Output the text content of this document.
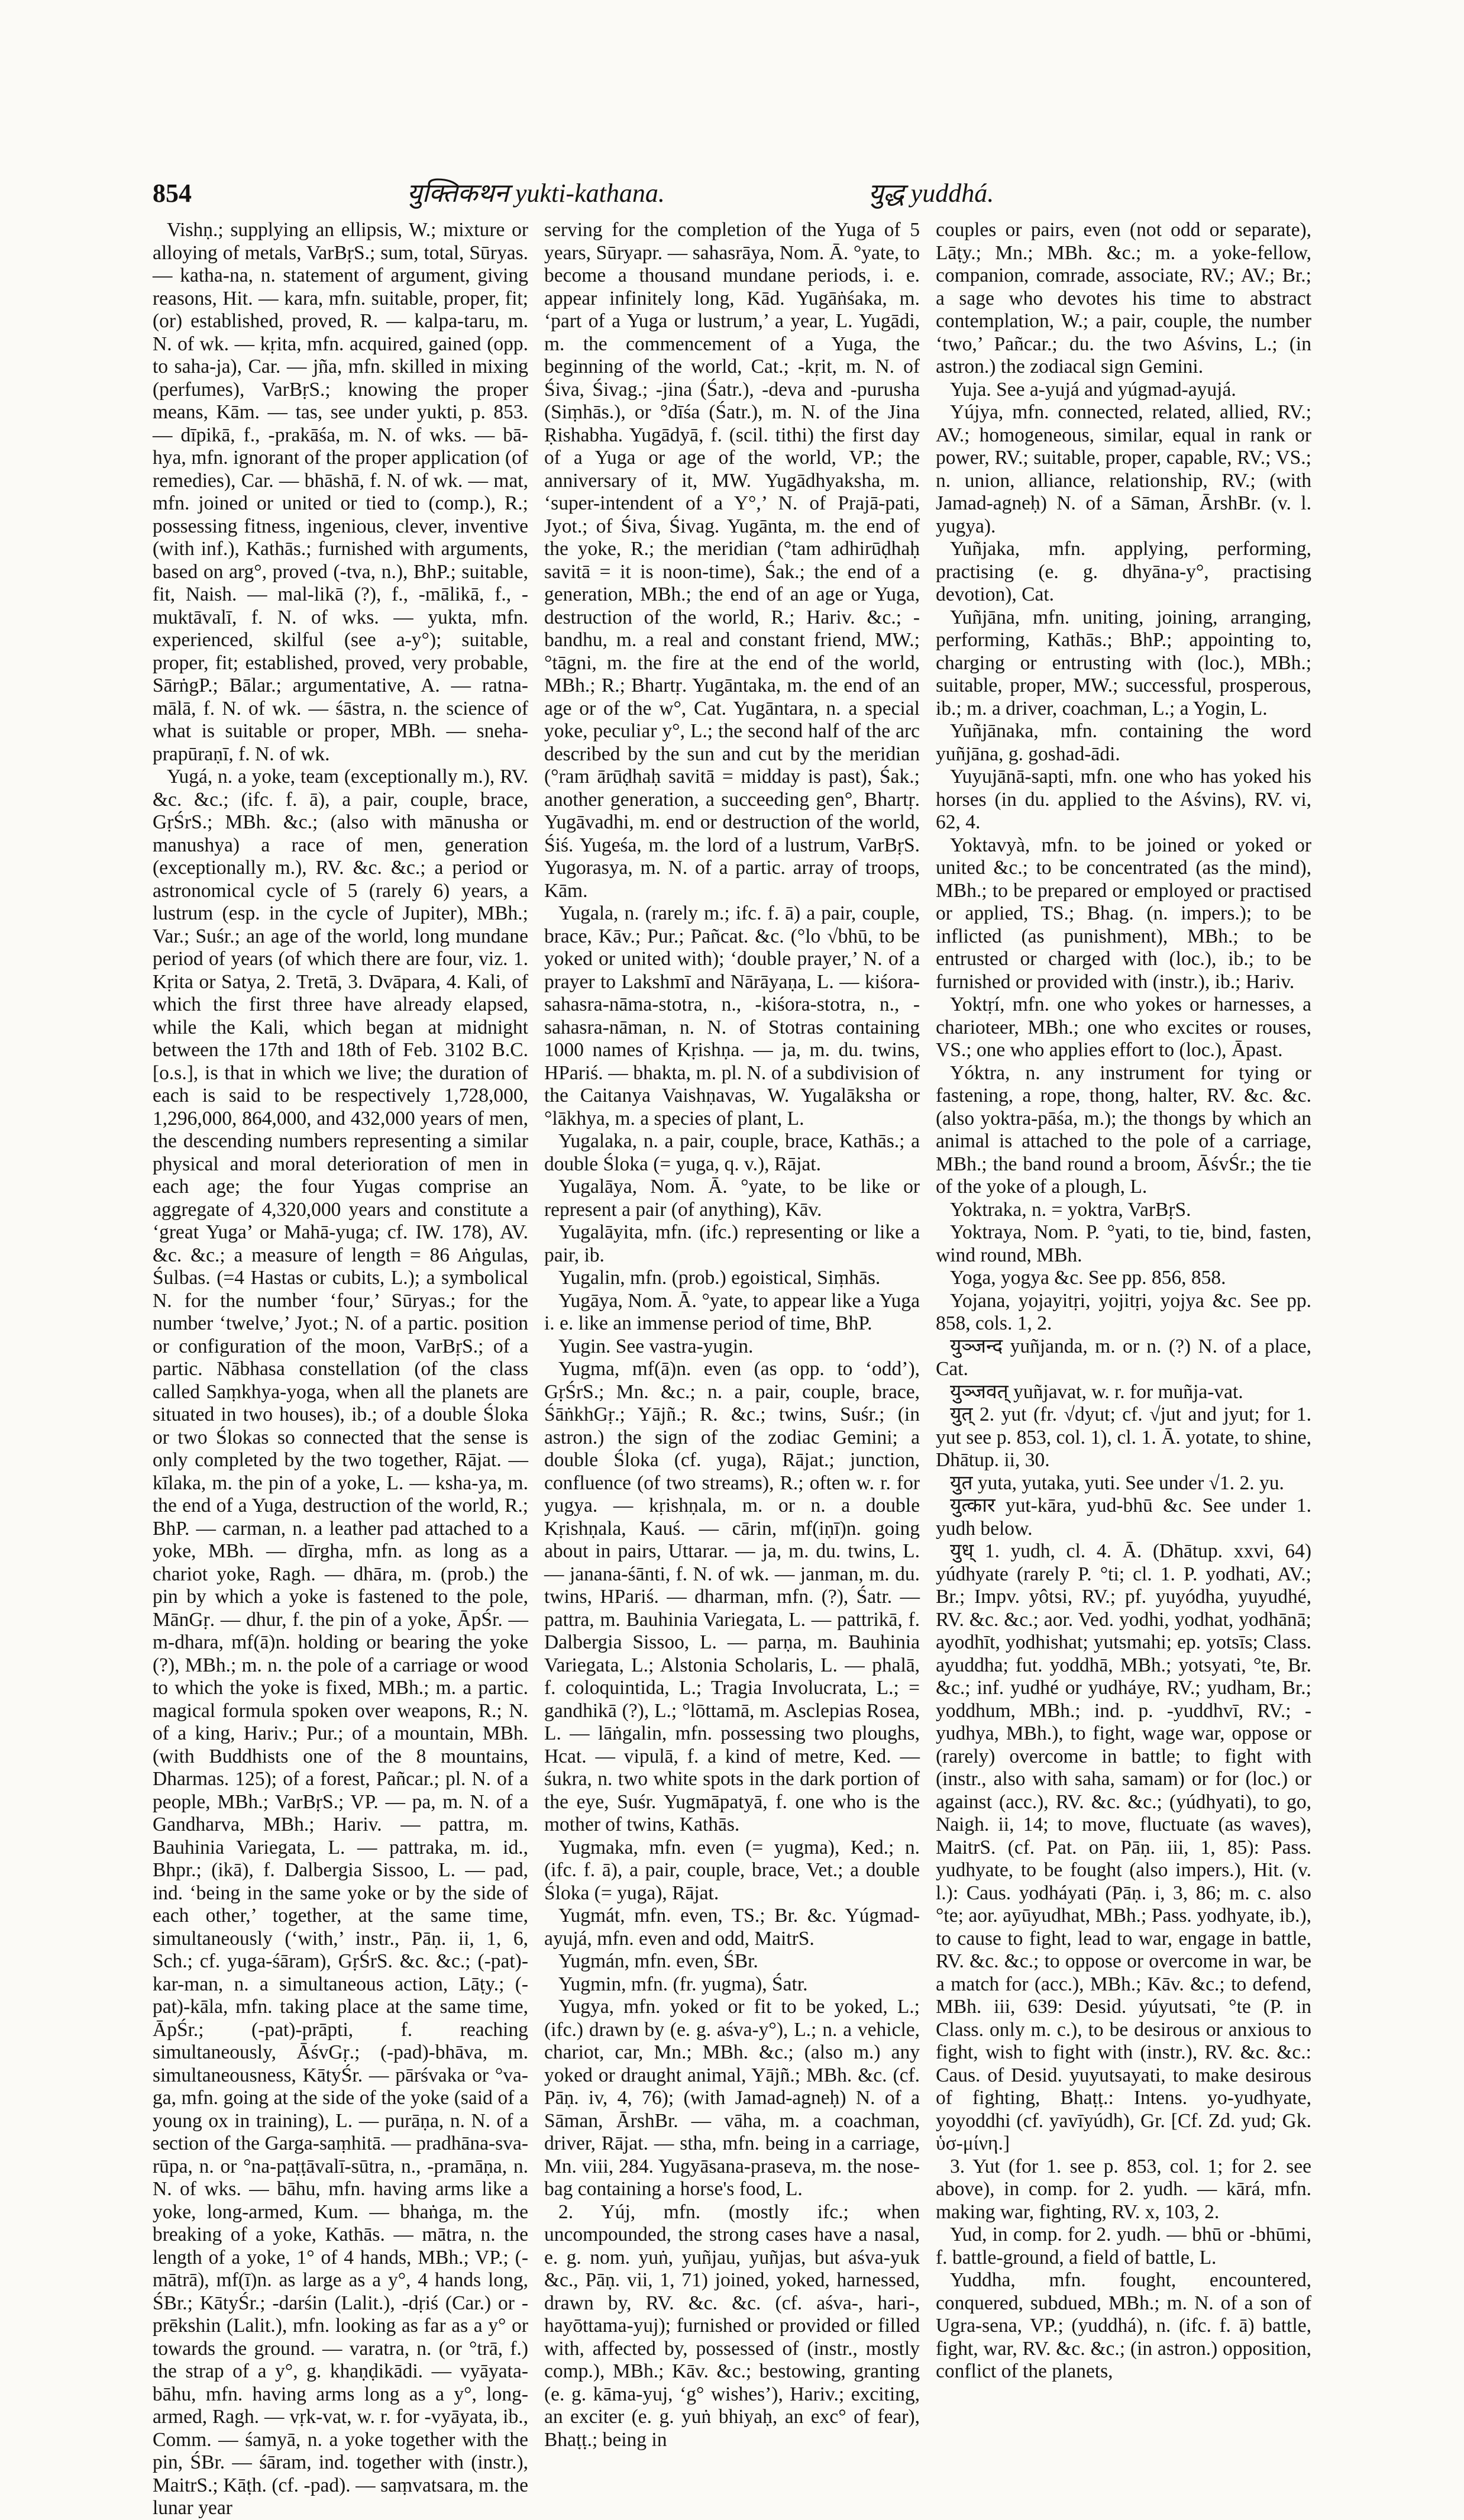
854	युक्तिकथन yukti-kathana.	युद्ध yuddhá.

Vishṇ.; supplying an ellipsis, W.; mixture or alloying of metals, VarBṛS.; sum, total, Sūryas. — katha-na, n. statement of argument, giving reasons, Hit. — kara, mfn. suitable, proper, fit; (or) established, proved, R. — kalpa-taru, m. N. of wk. — kṛita, mfn. acquired, gained (opp. to saha-ja), Car. — jña, mfn. skilled in mixing (perfumes), VarBṛS.; knowing the proper means, Kām. — tas, see under yukti, p. 853. — dīpikā, f., -prakāśa, m. N. of wks. — bā-hya, mfn. ignorant of the proper application (of remedies), Car. — bhāshā, f. N. of wk. — mat, mfn. joined or united or tied to (comp.), R.; possessing fitness, ingenious, clever, inventive (with inf.), Kathās.; furnished with arguments, based on arg°, proved (-tva, n.), BhP.; suitable, fit, Naish. — mal-likā (?), f., -mālikā, f., -muktāvalī, f. N. of wks. — yukta, mfn. experienced, skilful (see a-y°); suitable, proper, fit; established, proved, very probable, SārṅgP.; Bālar.; argumentative, A. — ratna-mālā, f. N. of wk. — śāstra, n. the science of what is suitable or proper, MBh. — sneha-prapūraṇī, f. N. of wk.

Yugá, n. a yoke, team (exceptionally m.), RV. &c. &c.; (ifc. f. ā), a pair, couple, brace, GṛŚrS.; MBh. &c.; (also with mānusha or manushya) a race of men, generation (exceptionally m.), RV. &c. &c.; a period or astronomical cycle of 5 (rarely 6) years, a lustrum (esp. in the cycle of Jupiter), MBh.; Var.; Suśr.; an age of the world, long mundane period of years (of which there are four, viz. 1. Kṛita or Satya, 2. Tretā, 3. Dvāpara, 4. Kali, of which the first three have already elapsed, while the Kali, which began at midnight between the 17th and 18th of Feb. 3102 B.C. [o.s.], is that in which we live; the duration of each is said to be respectively 1,728,000, 1,296,000, 864,000, and 432,000 years of men, the descending numbers representing a similar physical and moral deterioration of men in each age; the four Yugas comprise an aggregate of 4,320,000 years and constitute a ‘great Yuga’ or Mahā-yuga; cf. IW. 178), AV. &c. &c.; a measure of length = 86 Aṅgulas, Śulbas. (=4 Hastas or cubits, L.); a symbolical N. for the number ‘four,’ Sūryas.; for the number ‘twelve,’ Jyot.; N. of a partic. position or configuration of the moon, VarBṛS.; of a partic. Nābhasa constellation (of the class called Saṃkhya-yoga, when all the planets are situated in two houses), ib.; of a double Śloka or two Ślokas so connected that the sense is only completed by the two together, Rājat. — kīlaka, m. the pin of a yoke, L. — ksha-ya, m. the end of a Yuga, destruction of the world, R.; BhP. — carman, n. a leather pad attached to a yoke, MBh. — dīrgha, mfn. as long as a chariot yoke, Ragh. — dhāra, m. (prob.) the pin by which a yoke is fastened to the pole, MānGṛ. — dhur, f. the pin of a yoke, ĀpŚr. — m-dhara, mf(ā)n. holding or bearing the yoke (?), MBh.; m. n. the pole of a carriage or wood to which the yoke is fixed, MBh.; m. a partic. magical formula spoken over weapons, R.; N. of a king, Hariv.; Pur.; of a mountain, MBh. (with Buddhists one of the 8 mountains, Dharmas. 125); of a forest, Pañcar.; pl. N. of a people, MBh.; VarBṛS.; VP. — pa, m. N. of a Gandharva, MBh.; Hariv. — pattra, m. Bauhinia Variegata, L. — pattraka, m. id., Bhpr.; (ikā), f. Dalbergia Sissoo, L. — pad, ind. ‘being in the same yoke or by the side of each other,’ together, at the same time, simultaneously (‘with,’ instr., Pāṇ. ii, 1, 6, Sch.; cf. yuga-śāram), GṛŚrS. &c. &c.; (-pat)-kar-man, n. a simultaneous action, Lāṭy.; (-pat)-kāla, mfn. taking place at the same time, ĀpŚr.; (-pat)-prāpti, f. reaching simultaneously, ĀśvGṛ.; (-pad)-bhāva, m. simultaneousness, KātyŚr. — pārśvaka or °va-ga, mfn. going at the side of the yoke (said of a young ox in training), L. — purāṇa, n. N. of a section of the Garga-saṃhitā. — pradhāna-sva-rūpa, n. or °na-paṭṭāvalī-sūtra, n., -pramāṇa, n. N. of wks. — bāhu, mfn. having arms like a yoke, long-armed, Kum. — bhaṅga, m. the breaking of a yoke, Kathās. — mātra, n. the length of a yoke, 1° of 4 hands, MBh.; VP.; (-mātrā), mf(ī)n. as large as a y°, 4 hands long, ŚBr.; KātyŚr.; -darśin (Lalit.), -dṛiś (Car.) or -prēkshin (Lalit.), mfn. looking as far as a y° or towards the ground. — varatra, n. (or °trā, f.) the strap of a y°, g. khaṇḍikādi. — vyāyata-bāhu, mfn. having arms long as a y°, long-armed, Ragh. — vṛk-vat, w. r. for -vyāyata, ib., Comm. — śamyā, n. a yoke together with the pin, ŚBr. — śāram, ind. together with (instr.), MaitrS.; Kāṭh. (cf. -pad). — saṃvatsara, m. the lunar year

serving for the completion of the Yuga of 5 years, Sūryapr. — sahasrāya, Nom. Ā. °yate, to become a thousand mundane periods, i. e. appear infinitely long, Kād. Yugāṅśaka, m. ‘part of a Yuga or lustrum,’ a year, L. Yugādi, m. the commencement of a Yuga, the beginning of the world, Cat.; -kṛit, m. N. of Śiva, Śivag.; -jina (Śatr.), -deva and -purusha (Siṃhās.), or °dīśa (Śatr.), m. N. of the Jina Ṛishabha. Yugādyā, f. (scil. tithi) the first day of a Yuga or age of the world, VP.; the anniversary of it, MW. Yugādhyaksha, m. ‘super-intendent of a Y°,’ N. of Prajā-pati, Jyot.; of Śiva, Śivag. Yugānta, m. the end of the yoke, R.; the meridian (°tam adhirūḍhaḥ savitā = it is noon-time), Śak.; the end of a generation, MBh.; the end of an age or Yuga, destruction of the world, R.; Hariv. &c.; -bandhu, m. a real and constant friend, MW.; °tāgni, m. the fire at the end of the world, MBh.; R.; Bhartṛ. Yugāntaka, m. the end of an age or of the w°, Cat. Yugāntara, n. a special yoke, peculiar y°, L.; the second half of the arc described by the sun and cut by the meridian (°ram ārūḍhaḥ savitā = midday is past), Śak.; another generation, a succeeding gen°, Bhartṛ. Yugāvadhi, m. end or destruction of the world, Śiś. Yugeśa, m. the lord of a lustrum, VarBṛS. Yugorasya, m. N. of a partic. array of troops, Kām.

Yugala, n. (rarely m.; ifc. f. ā) a pair, couple, brace, Kāv.; Pur.; Pañcat. &c. (°lo √bhū, to be yoked or united with); ‘double prayer,’ N. of a prayer to Lakshmī and Nārāyaṇa, L. — kiśora-sahasra-nāma-stotra, n., -kiśora-stotra, n., -sahasra-nāman, n. N. of Stotras containing 1000 names of Kṛishṇa. — ja, m. du. twins, HPariś. — bhakta, m. pl. N. of a subdivision of the Caitanya Vaishṇavas, W. Yugalāksha or °lākhya, m. a species of plant, L.

Yugalaka, n. a pair, couple, brace, Kathās.; a double Śloka (= yuga, q. v.), Rājat.

Yugalāya, Nom. Ā. °yate, to be like or represent a pair (of anything), Kāv.

Yugalāyita, mfn. (ifc.) representing or like a pair, ib.

Yugalin, mfn. (prob.) egoistical, Siṃhās.

Yugāya, Nom. Ā. °yate, to appear like a Yuga i. e. like an immense period of time, BhP.

Yugin. See vastra-yugin.

Yugma, mf(ā)n. even (as opp. to ‘odd’), GṛŚrS.; Mn. &c.; n. a pair, couple, brace, ŚāṅkhGṛ.; Yājñ.; R. &c.; twins, Suśr.; (in astron.) the sign of the zodiac Gemini; a double Śloka (cf. yuga), Rājat.; junction, confluence (of two streams), R.; often w. r. for yugya. — kṛishṇala, m. or n. a double Kṛishṇala, Kauś. — cārin, mf(iṇī)n. going about in pairs, Uttarar. — ja, m. du. twins, L. — janana-śānti, f. N. of wk. — janman, m. du. twins, HPariś. — dharman, mfn. (?), Śatr. — pattra, m. Bauhinia Variegata, L. — pattrikā, f. Dalbergia Sissoo, L. — parṇa, m. Bauhinia Variegata, L.; Alstonia Scholaris, L. — phalā, f. coloquintida, L.; Tragia Involucrata, L.; = gandhikā (?), L.; °lōttamā, m. Asclepias Rosea, L. — lāṅgalin, mfn. possessing two ploughs, Hcat. — vipulā, f. a kind of metre, Ked. — śukra, n. two white spots in the dark portion of the eye, Suśr. Yugmāpatyā, f. one who is the mother of twins, Kathās.

Yugmaka, mfn. even (= yugma), Ked.; n. (ifc. f. ā), a pair, couple, brace, Vet.; a double Śloka (= yuga), Rājat.

Yugmát, mfn. even, TS.; Br. &c. Yúgmad-ayujá, mfn. even and odd, MaitrS.

Yugmán, mfn. even, ŚBr.

Yugmin, mfn. (fr. yugma), Śatr.

Yugya, mfn. yoked or fit to be yoked, L.; (ifc.) drawn by (e. g. aśva-y°), L.; n. a vehicle, chariot, car, Mn.; MBh. &c.; (also m.) any yoked or draught animal, Yājñ.; MBh. &c. (cf. Pāṇ. iv, 4, 76); (with Jamad-agneḥ) N. of a Sāman, ĀrshBr. — vāha, m. a coachman, driver, Rājat. — stha, mfn. being in a carriage, Mn. viii, 284. Yugyāsana-praseva, m. the nose-bag containing a horse's food, L.

2. Yúj, mfn. (mostly ifc.; when uncompounded, the strong cases have a nasal, e. g. nom. yuṅ, yuñjau, yuñjas, but aśva-yuk &c., Pāṇ. vii, 1, 71) joined, yoked, harnessed, drawn by, RV. &c. &c. (cf. aśva-, hari-, hayōttama-yuj); furnished or provided or filled with, affected by, possessed of (instr., mostly comp.), MBh.; Kāv. &c.; bestowing, granting (e. g. kāma-yuj, ‘g° wishes’), Hariv.; exciting, an exciter (e. g. yuṅ bhiyaḥ, an exc° of fear), Bhaṭṭ.; being in

couples or pairs, even (not odd or separate), Lāṭy.; Mn.; MBh. &c.; m. a yoke-fellow, companion, comrade, associate, RV.; AV.; Br.; a sage who devotes his time to abstract contemplation, W.; a pair, couple, the number ‘two,’ Pañcar.; du. the two Aśvins, L.; (in astron.) the zodiacal sign Gemini.

Yuja. See a-yujá and yúgmad-ayujá.

Yújya, mfn. connected, related, allied, RV.; AV.; homogeneous, similar, equal in rank or power, RV.; suitable, proper, capable, RV.; VS.; n. union, alliance, relationship, RV.; (with Jamad-agneḥ) N. of a Sāman, ĀrshBr. (v. l. yugya).

Yuñjaka, mfn. applying, performing, practising (e. g. dhyāna-y°, practising devotion), Cat.

Yuñjāna, mfn. uniting, joining, arranging, performing, Kathās.; BhP.; appointing to, charging or entrusting with (loc.), MBh.; suitable, proper, MW.; successful, prosperous, ib.; m. a driver, coachman, L.; a Yogin, L.

Yuñjānaka, mfn. containing the word yuñjāna, g. goshad-ādi.

Yuyujānā-sapti, mfn. one who has yoked his horses (in du. applied to the Aśvins), RV. vi, 62, 4.

Yoktavyà, mfn. to be joined or yoked or united &c.; to be concentrated (as the mind), MBh.; to be prepared or employed or practised or applied, TS.; Bhag. (n. impers.); to be inflicted (as punishment), MBh.; to be entrusted or charged with (loc.), ib.; to be furnished or provided with (instr.), ib.; Hariv.

Yoktṛí, mfn. one who yokes or harnesses, a charioteer, MBh.; one who excites or rouses, VS.; one who applies effort to (loc.), Āpast.

Yóktra, n. any instrument for tying or fastening, a rope, thong, halter, RV. &c. &c. (also yoktra-pāśa, m.); the thongs by which an animal is attached to the pole of a carriage, MBh.; the band round a broom, ĀśvŚr.; the tie of the yoke of a plough, L.

Yoktraka, n. = yoktra, VarBṛS.

Yoktraya, Nom. P. °yati, to tie, bind, fasten, wind round, MBh.

Yoga, yogya &c. See pp. 856, 858.

Yojana, yojayitṛi, yojitṛi, yojya &c. See pp. 858, cols. 1, 2.

युञ्जन्द yuñjanda, m. or n. (?) N. of a place, Cat.

युञ्जवत् yuñjavat, w. r. for muñja-vat.

युत् 2. yut (fr. √dyut; cf. √jut and jyut; for 1. yut see p. 853, col. 1), cl. 1. Ā. yotate, to shine, Dhātup. ii, 30.

युत yuta, yutaka, yuti. See under √1. 2. yu.

युत्कार yut-kāra, yud-bhū &c. See under 1. yudh below.

युध् 1. yudh, cl. 4. Ā. (Dhātup. xxvi, 64) yúdhyate (rarely P. °ti; cl. 1. P. yodhati, AV.; Br.; Impv. yôtsi, RV.; pf. yuyódha, yuyudhé, RV. &c. &c.; aor. Ved. yodhi, yodhat, yodhānā; ayodhīt, yodhishat; yutsmahi; ep. yotsīs; Class. ayuddha; fut. yoddhā, MBh.; yotsyati, °te, Br. &c.; inf. yudhé or yudháye, RV.; yudham, Br.; yoddhum, MBh.; ind. p. -yuddhvī, RV.; -yudhya, MBh.), to fight, wage war, oppose or (rarely) overcome in battle; to fight with (instr., also with saha, samam) or for (loc.) or against (acc.), RV. &c. &c.; (yúdhyati), to go, Naigh. ii, 14; to move, fluctuate (as waves), MaitrS. (cf. Pat. on Pāṇ. iii, 1, 85): Pass. yudhyate, to be fought (also impers.), Hit. (v. l.): Caus. yodháyati (Pāṇ. i, 3, 86; m. c. also °te; aor. ayūyudhat, MBh.; Pass. yodhyate, ib.), to cause to fight, lead to war, engage in battle, RV. &c. &c.; to oppose or overcome in war, be a match for (acc.), MBh.; Kāv. &c.; to defend, MBh. iii, 639: Desid. yúyutsati, °te (P. in Class. only m. c.), to be desirous or anxious to fight, wish to fight with (instr.), RV. &c. &c.: Caus. of Desid. yuyutsayati, to make desirous of fighting, Bhaṭṭ.: Intens. yo-yudhyate, yoyoddhi (cf. yavīyúdh), Gr. [Cf. Zd. yud; Gk. ὑσ-μίνη.]

3. Yut (for 1. see p. 853, col. 1; for 2. see above), in comp. for 2. yudh. — kārá, mfn. making war, fighting, RV. x, 103, 2.

Yud, in comp. for 2. yudh. — bhū or -bhūmi, f. battle-ground, a field of battle, L.

Yuddha, mfn. fought, encountered, conquered, subdued, MBh.; m. N. of a son of Ugra-sena, VP.; (yuddhá), n. (ifc. f. ā) battle, fight, war, RV. &c. &c.; (in astron.) opposition, conflict of the planets,
